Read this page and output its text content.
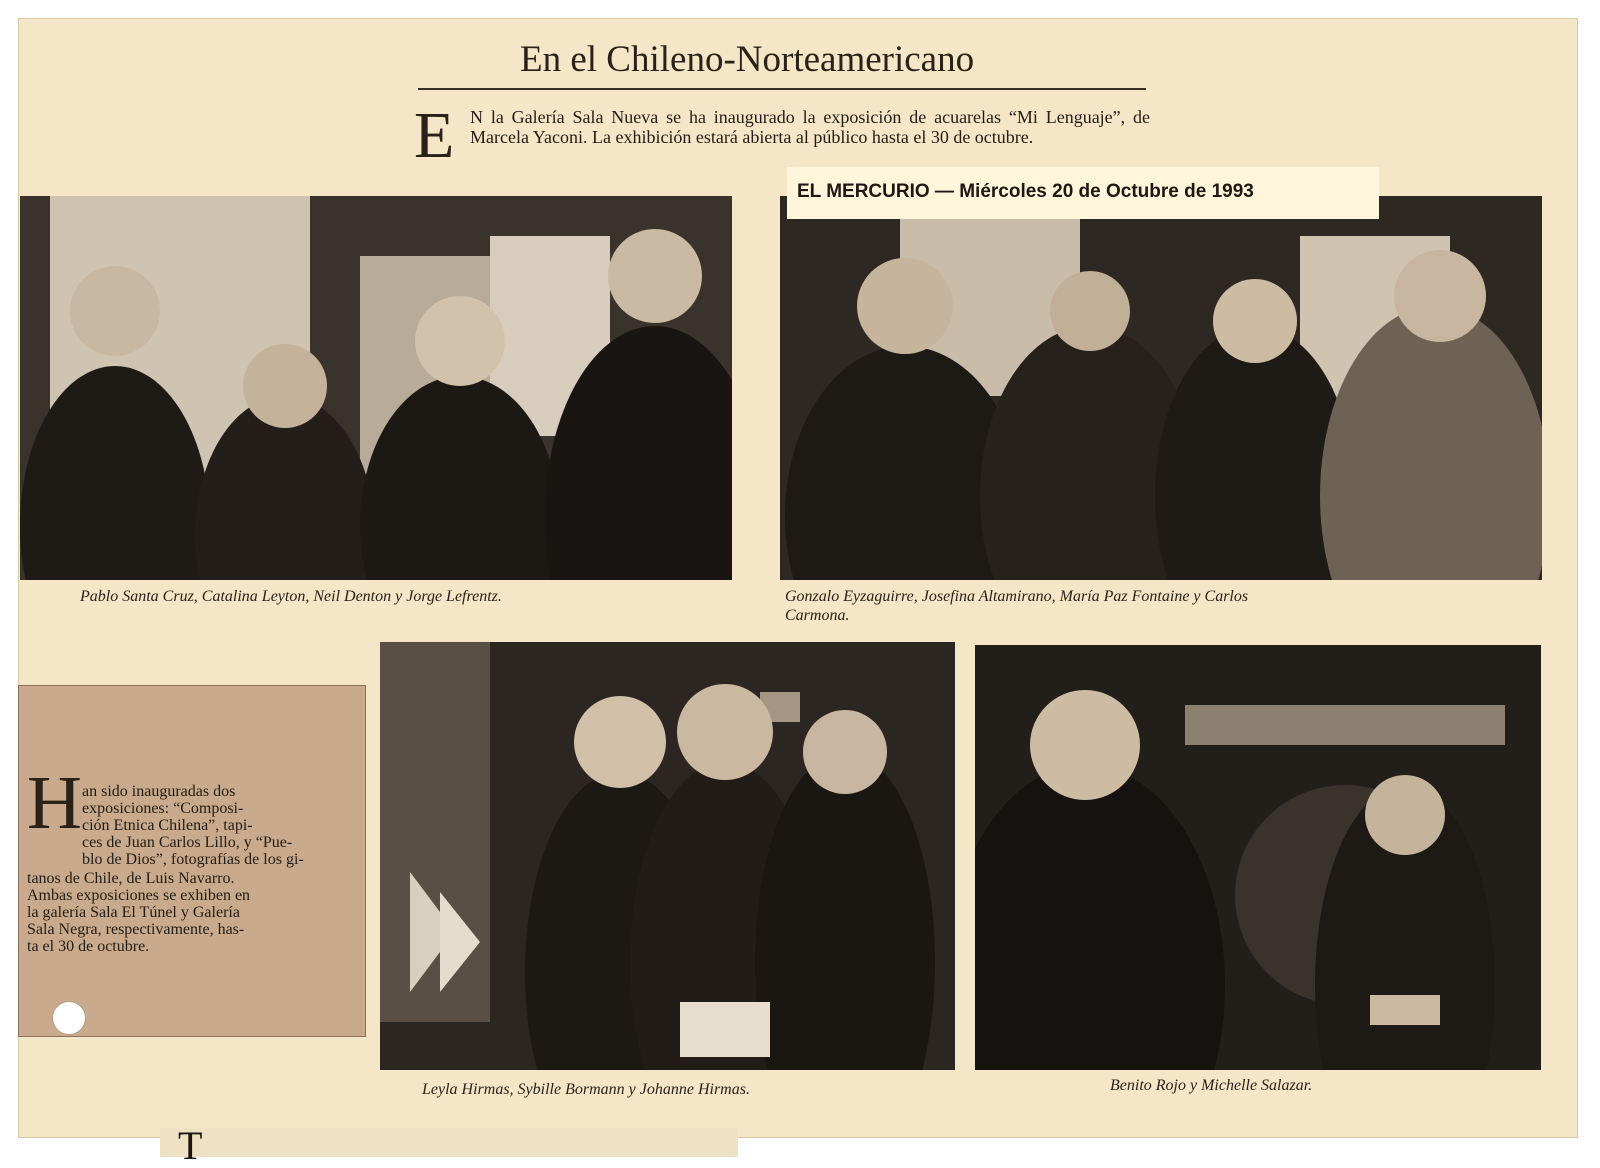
En el Chileno-Norteamericano
E N la Galería Sala Nueva se ha inaugurado la exposición de acuarelas “Mi Lenguaje”, de Marcela Yaconi. La exhibición estará abierta al público hasta el 30 de octubre.
Pablo Santa Cruz, Catalina Leyton, Neil Denton y Jorge Lefrentz.	Gonzalo Eyzaguirre, Josefina Altamirano, María Paz Fontaine y Carlos
Carmona.
EL MERCURIO — Miércoles 20 de Octubre de 1993
H an sido inauguradas dos
exposiciones: “Composi-
ción Etnica Chilena”, tapi-
ces de Juan Carlos Lillo, y “Pue-
blo de Dios”, fotografías de los gi-
tanos de Chile, de Luis Navarro.
Ambas exposiciones se exhiben en
la galería Sala El Túnel y Galería
Sala Negra, respectivamente, has-
ta el 30 de octubre.
Leyla Hirmas, Sybille Bormann y Johanne Hirmas.	Benito Rojo y Michelle Salazar.
T
